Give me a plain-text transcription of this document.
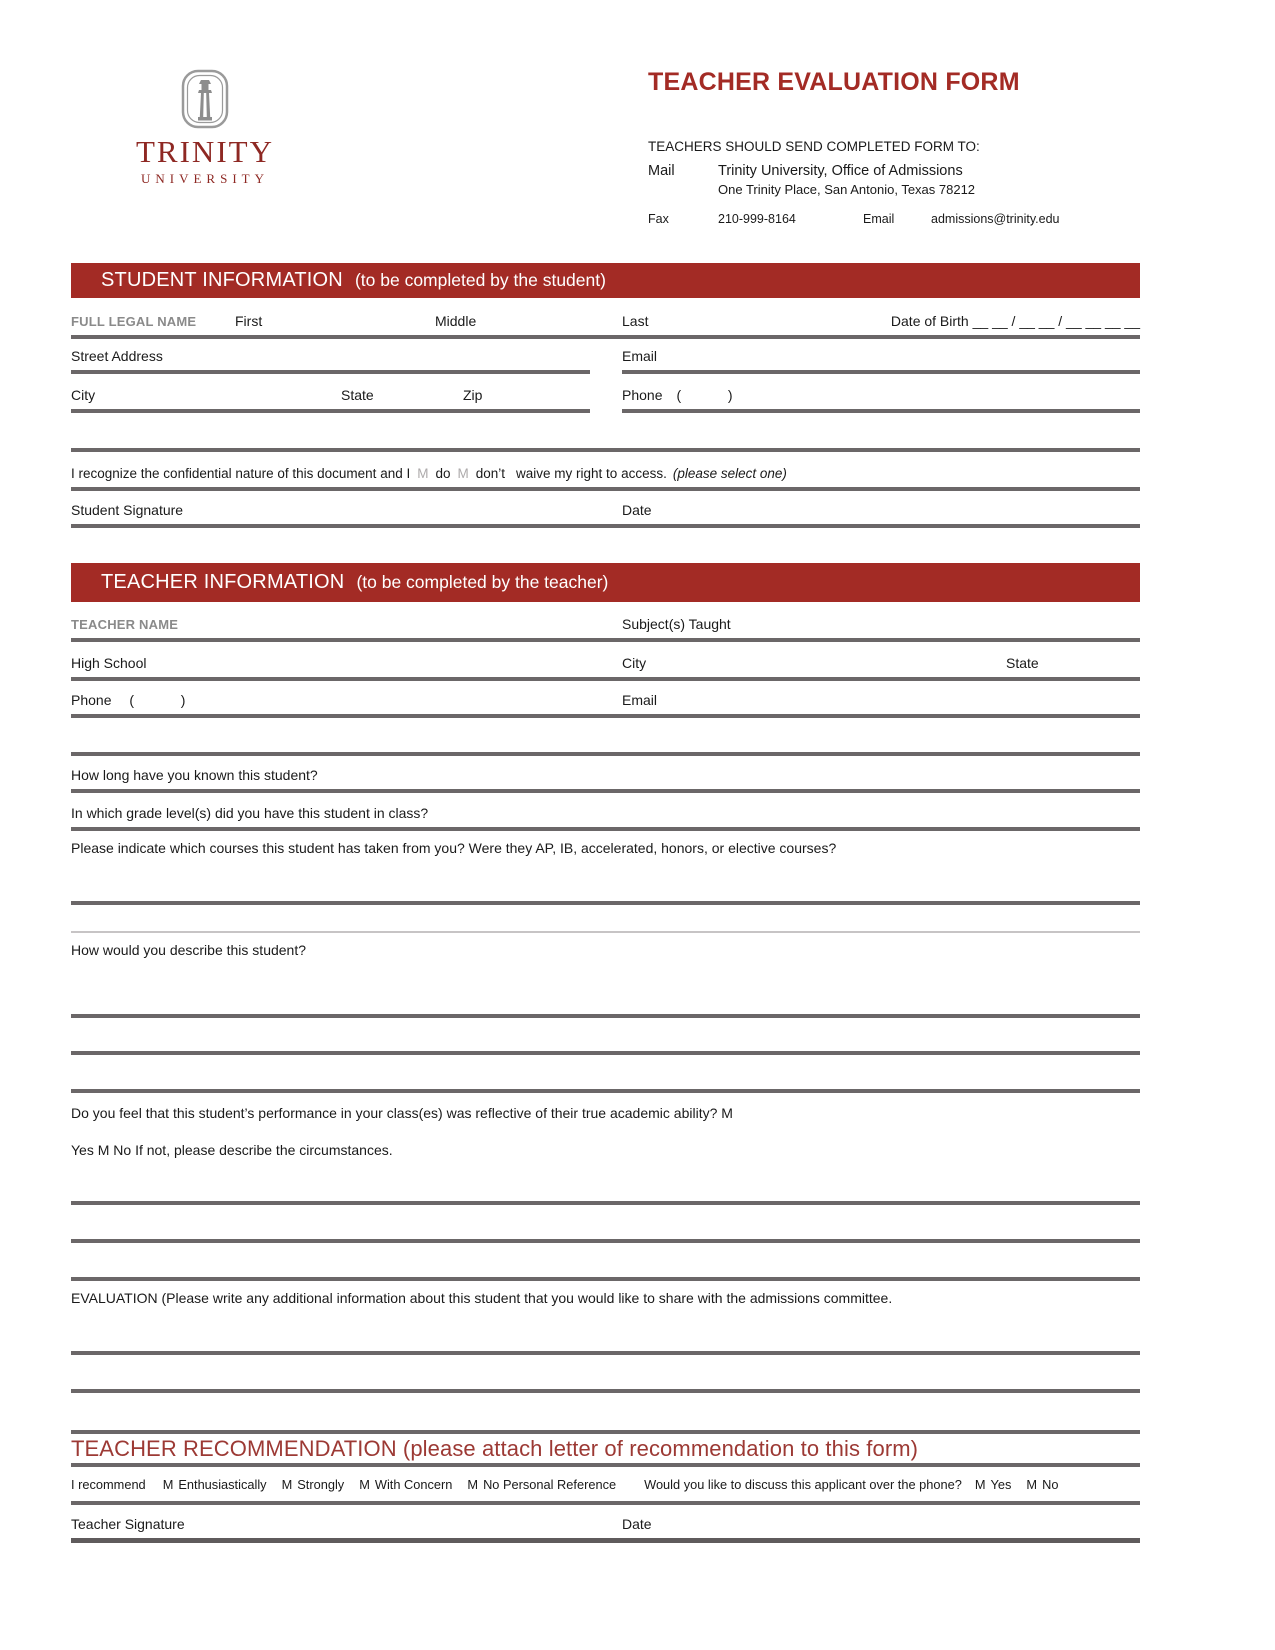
TRINITY
UNIVERSITY
TEACHER EVALUATION FORM
TEACHERS SHOULD SEND COMPLETED FORM TO:
Mail	Trinity University, Office of Admissions
One Trinity Place, San Antonio, Texas 78212
Fax	210-999-8164	Email	admissions@trinity.edu
STUDENT INFORMATION (to be completed by the student)
FULL LEGAL NAME	First	Middle	Last	Date of Birth __ __ / __ __ / __ __ __ __
Street Address	Email
City	State	Zip	Phone (            )
I recognize the confidential nature of this document and I M do M don’t waive my right to access. (please select one)
Student Signature	Date
TEACHER INFORMATION (to be completed by the teacher)
TEACHER NAME	Subject(s) Taught
High School	City	State
Phone (            )	Email
How long have you known this student?
In which grade level(s) did you have this student in class?
Please indicate which courses this student has taken from you? Were they AP, IB, accelerated, honors, or elective courses?
How would you describe this student?
Do you feel that this student’s performance in your class(es) was reflective of their true academic ability? M
Yes M No If not, please describe the circumstances.
EVALUATION (Please write any additional information about this student that you would like to share with the admissions committee.
TEACHER RECOMMENDATION (please attach letter of recommendation to this form)
I recommend M Enthusiastically M Strongly M With Concern M No Personal Reference Would you like to discuss this applicant over the phone? M Yes M No
Teacher Signature	Date
